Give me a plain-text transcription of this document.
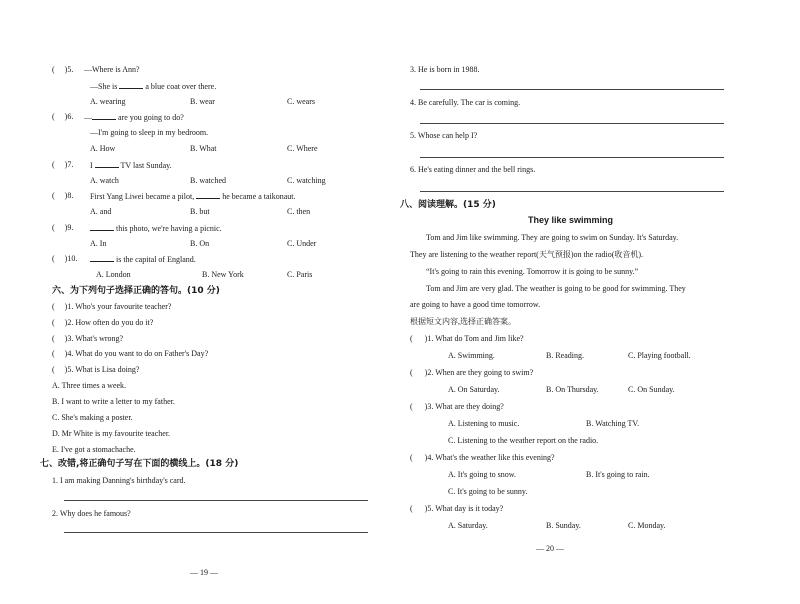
( )5. —Where is Ann?
—She is	a blue coat over there.
A. wearing	B. wear	C. wears
( )6. —	are you going to do?
—I'm going to sleep in my bedroom.
A. How	B. What	C. Where
( )7. I	TV last Sunday.
A. watch	B. watched	C. watching
( )8. First Yang Liwei became a pilot,	he became a taikonaut.
A. and	B. but	C. then
( )9.	this photo, we're having a picnic.
A. In	B. On	C. Under
( )10.	is the capital of England.
A. London	B. New York	C. Paris
六、为下列句子选择正确的答句。(10 分)
(     )1. Who's your favourite teacher?
(     )2. How often do you do it?
(     )3. What's wrong?
(     )4. What do you want to do on Father's Day?
(     )5. What is Lisa doing?
A. Three times a week.
B. I want to write a letter to my father.
C. She's making a poster.
D. Mr White is my favourite teacher.
E. I've got a stomachache.
七、改错,将正确句子写在下面的横线上。(18 分)
1. I am making Danning's birthday's card.
2. Why does he famous?
— 19 —
3. He is born in 1988.
4. Be carefully. The car is coming.
5. Whose can help I?
6. He's eating dinner and the bell rings.
八、阅读理解。(15 分)
They like swimming
Tom and Jim like swimming. They are going to swim on Sunday. It's Saturday.
They are listening to the weather report(天气预报)on the radio(收音机).
“It's going to rain this evening. Tomorrow it is going to be sunny.”
Tom and Jim are very glad. The weather is going to be good for swimming. They
are going to have a good time tomorrow.
根据短文内容,选择正确答案。
(      )1. What do Tom and Jim like?
A. Swimming.	B. Reading.	C. Playing football.
(      )2. When are they going to swim?
A. On Saturday.	B. On Thursday.	C. On Sunday.
(      )3. What are they doing?
A. Listening to music.	B. Watching TV.
C. Listening to the weather report on the radio.
(      )4. What's the weather like this evening?
A. It's going to snow.	B. It's going to rain.
C. It's going to be sunny.
(      )5. What day is it today?
A. Saturday.	B. Sunday.	C. Monday.
— 20 —
